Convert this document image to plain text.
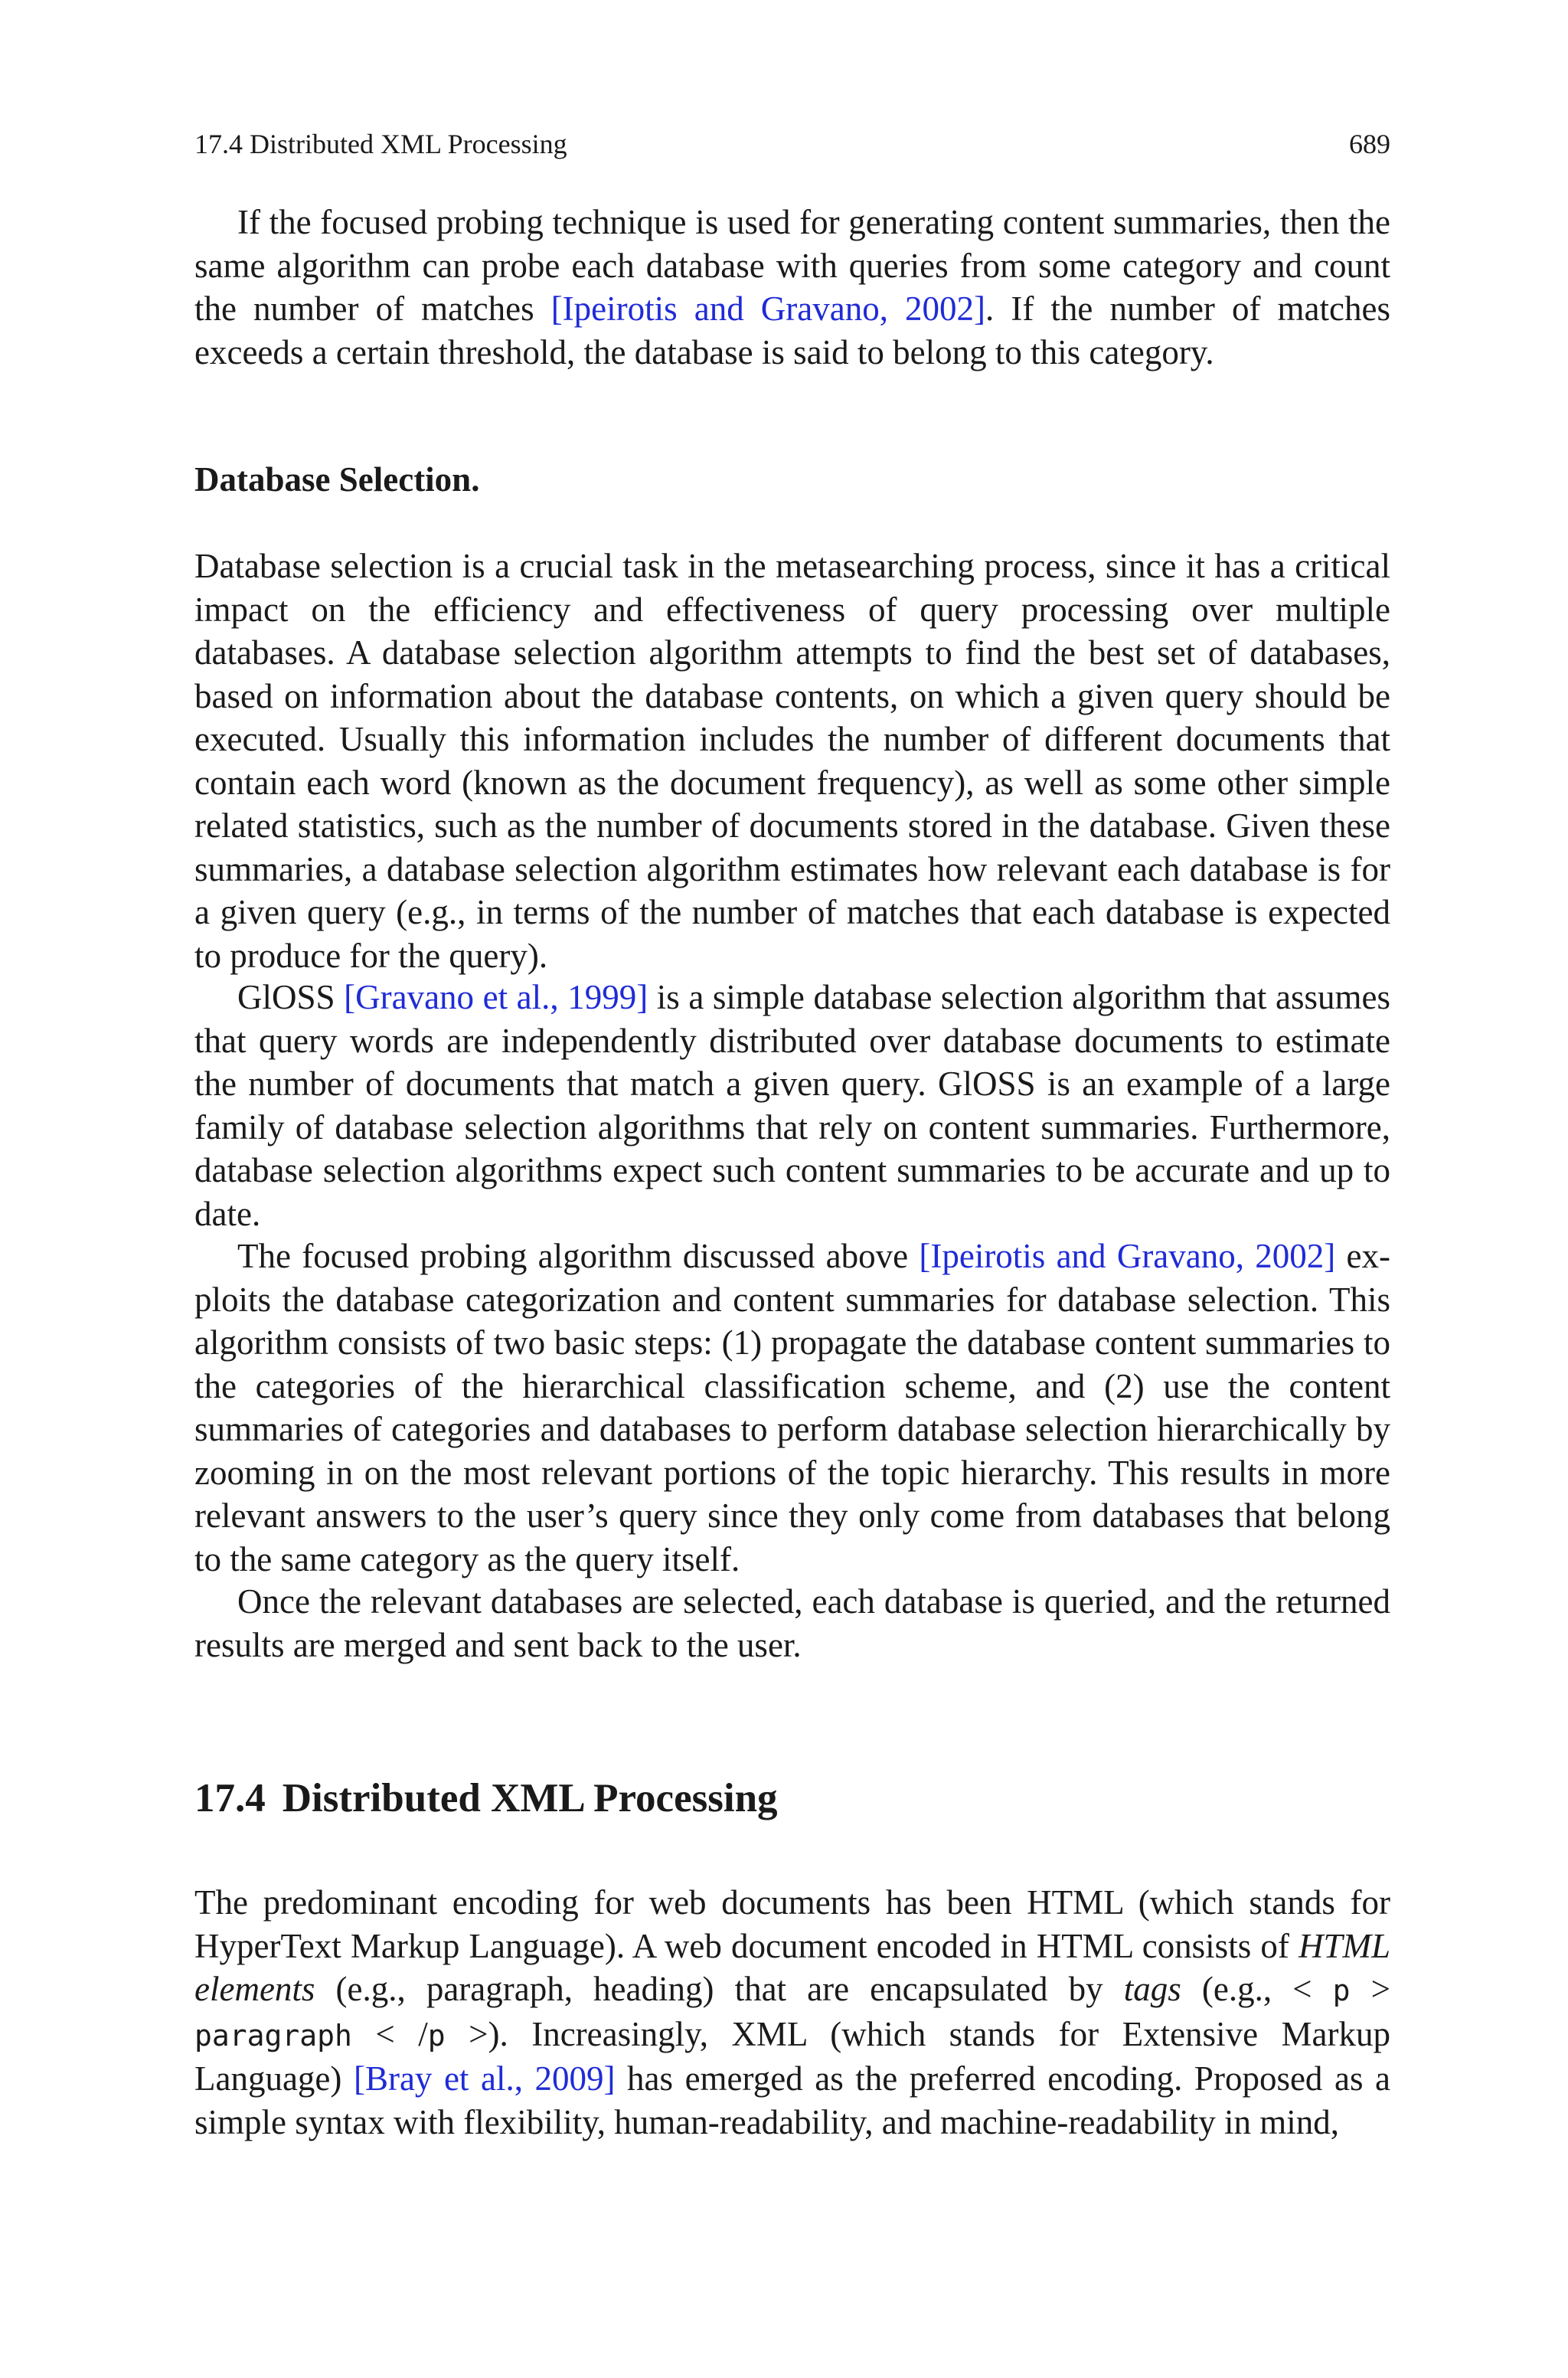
17.4 Distributed XML Processing	689

If the focused probing technique is used for generating content summaries, then the same algorithm can probe each database with queries from some category and count the number of matches [Ipeirotis and Gravano, 2002]. If the number of matches exceeds a certain threshold, the database is said to belong to this category.

Database Selection.

Database selection is a crucial task in the metasearching process, since it has a critical impact on the efficiency and effectiveness of query processing over multiple databases. A database selection algorithm attempts to find the best set of databases, based on information about the database contents, on which a given query should be executed. Usually this information includes the number of different documents that contain each word (known as the document frequency), as well as some other simple related statistics, such as the number of documents stored in the database. Given these summaries, a database selection algorithm estimates how relevant each database is for a given query (e.g., in terms of the number of matches that each database is expected to produce for the query).

GlOSS [Gravano et al., 1999] is a simple database selection algorithm that assumes that query words are independently distributed over database documents to estimate the number of documents that match a given query. GlOSS is an example of a large family of database selection algorithms that rely on content summaries. Furthermore, database selection algorithms expect such content summaries to be accurate and up to date.

The focused probing algorithm discussed above [Ipeirotis and Gravano, 2002] exploits the database categorization and content summaries for database selection. This algorithm consists of two basic steps: (1) propagate the database content summaries to the categories of the hierarchical classification scheme, and (2) use the content summaries of categories and databases to perform database selection hierarchically by zooming in on the most relevant portions of the topic hierarchy. This results in more relevant answers to the user’s query since they only come from databases that belong to the same category as the query itself.

Once the relevant databases are selected, each database is queried, and the returned results are merged and sent back to the user.

17.4 Distributed XML Processing

The predominant encoding for web documents has been HTML (which stands for HyperText Markup Language). A web document encoded in HTML consists of HTML elements (e.g., paragraph, heading) that are encapsulated by tags (e.g., < p > paragraph < /p >). Increasingly, XML (which stands for Extensive Markup Language) [Bray et al., 2009] has emerged as the preferred encoding. Proposed as a simple syntax with flexibility, human-readability, and machine-readability in mind,
